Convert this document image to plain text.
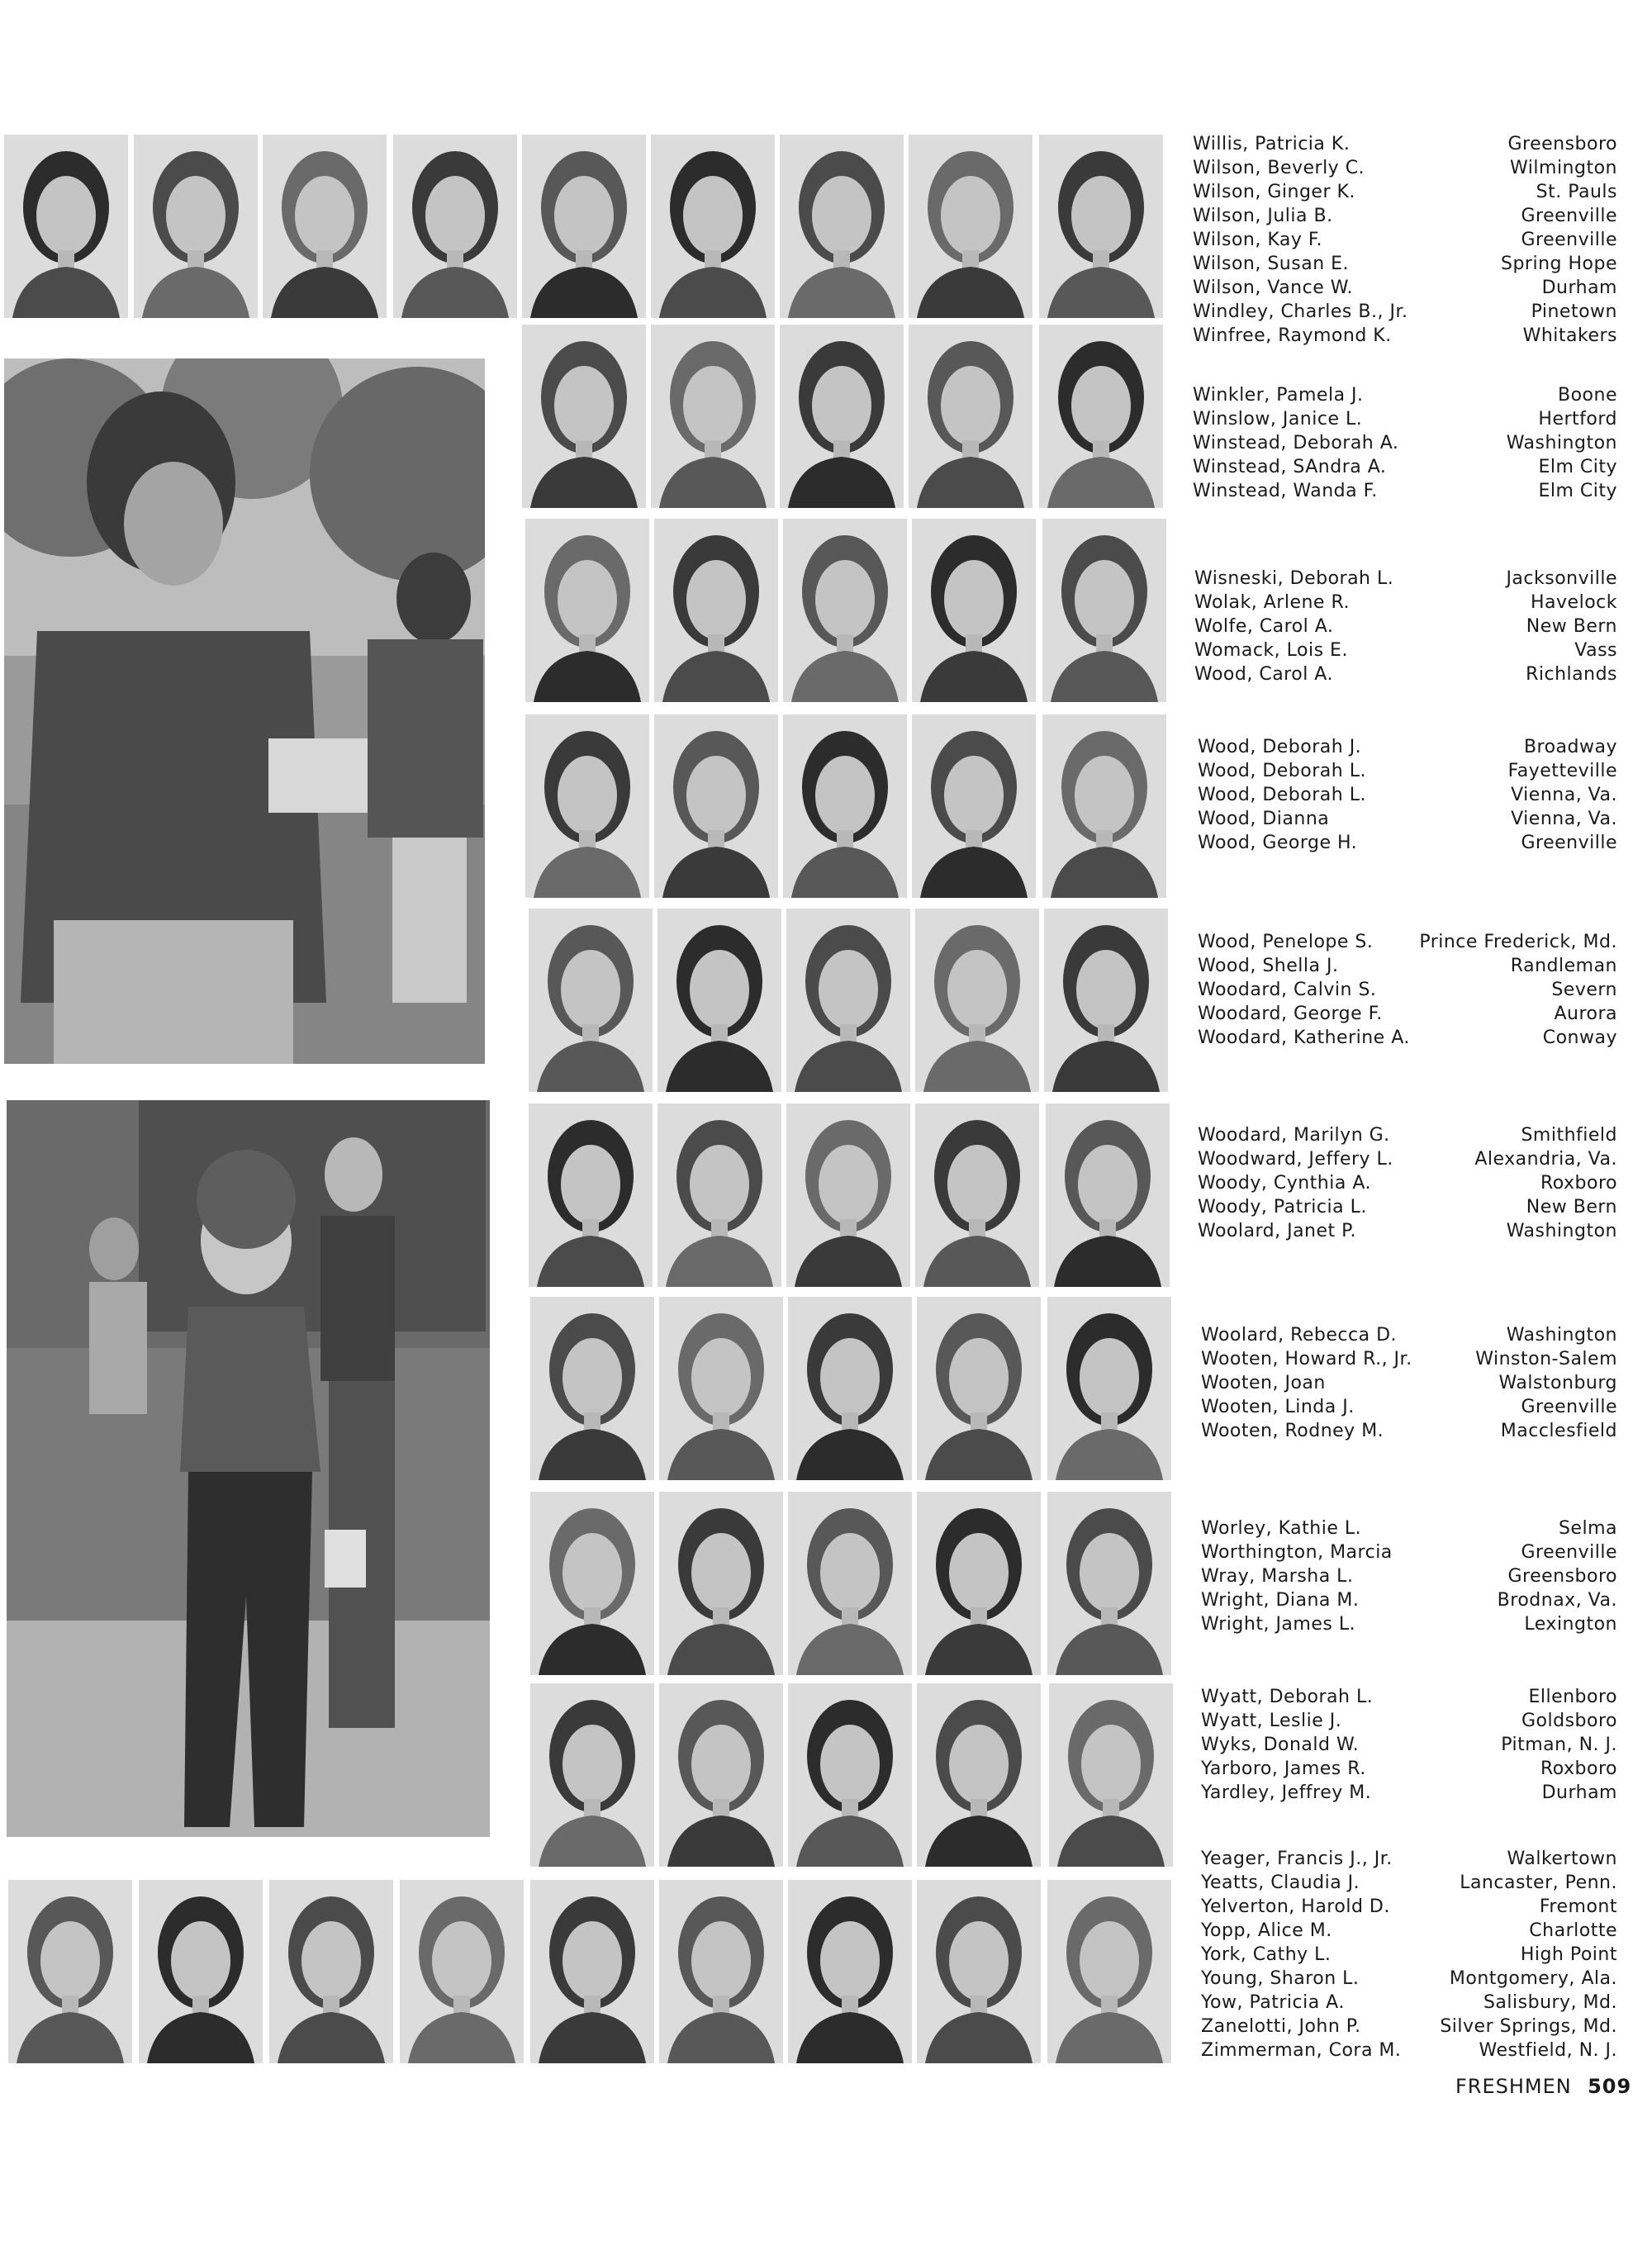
Willis, Patricia K.	Greensboro
Wilson, Beverly C.	Wilmington
Wilson, Ginger K.	St. Pauls
Wilson, Julia B.	Greenville
Wilson, Kay F.	Greenville
Wilson, Susan E.	Spring Hope
Wilson, Vance W.	Durham
Windley, Charles B., Jr.	Pinetown
Winfree, Raymond K.	Whitakers
Winkler, Pamela J.	Boone
Winslow, Janice L.	Hertford
Winstead, Deborah A.	Washington
Winstead, SAndra A.	Elm City
Winstead, Wanda F.	Elm City
Wisneski, Deborah L.	Jacksonville
Wolak, Arlene R.	Havelock
Wolfe, Carol A.	New Bern
Womack, Lois E.	Vass
Wood, Carol A.	Richlands
Wood, Deborah J.	Broadway
Wood, Deborah L.	Fayetteville
Wood, Deborah L.	Vienna, Va.
Wood, Dianna	Vienna, Va.
Wood, George H.	Greenville
Wood, Penelope S.	Prince Frederick, Md.
Wood, Shella J.	Randleman
Woodard, Calvin S.	Severn
Woodard, George F.	Aurora
Woodard, Katherine A.	Conway
Woodard, Marilyn G.	Smithfield
Woodward, Jeffery L.	Alexandria, Va.
Woody, Cynthia A.	Roxboro
Woody, Patricia L.	New Bern
Woolard, Janet P.	Washington
Woolard, Rebecca D.	Washington
Wooten, Howard R., Jr.	Winston-Salem
Wooten, Joan	Walstonburg
Wooten, Linda J.	Greenville
Wooten, Rodney M.	Macclesfield
Worley, Kathie L.	Selma
Worthington, Marcia	Greenville
Wray, Marsha L.	Greensboro
Wright, Diana M.	Brodnax, Va.
Wright, James L.	Lexington
Wyatt, Deborah L.	Ellenboro
Wyatt, Leslie J.	Goldsboro
Wyks, Donald W.	Pitman, N. J.
Yarboro, James R.	Roxboro
Yardley, Jeffrey M.	Durham
Yeager, Francis J., Jr.	Walkertown
Yeatts, Claudia J.	Lancaster, Penn.
Yelverton, Harold D.	Fremont
Yopp, Alice M.	Charlotte
York, Cathy L.	High Point
Young, Sharon L.	Montgomery, Ala.
Yow, Patricia A.	Salisbury, Md.
Zanelotti, John P.	Silver Springs, Md.
Zimmerman, Cora M.	Westfield, N. J.
FRESHMEN 509
